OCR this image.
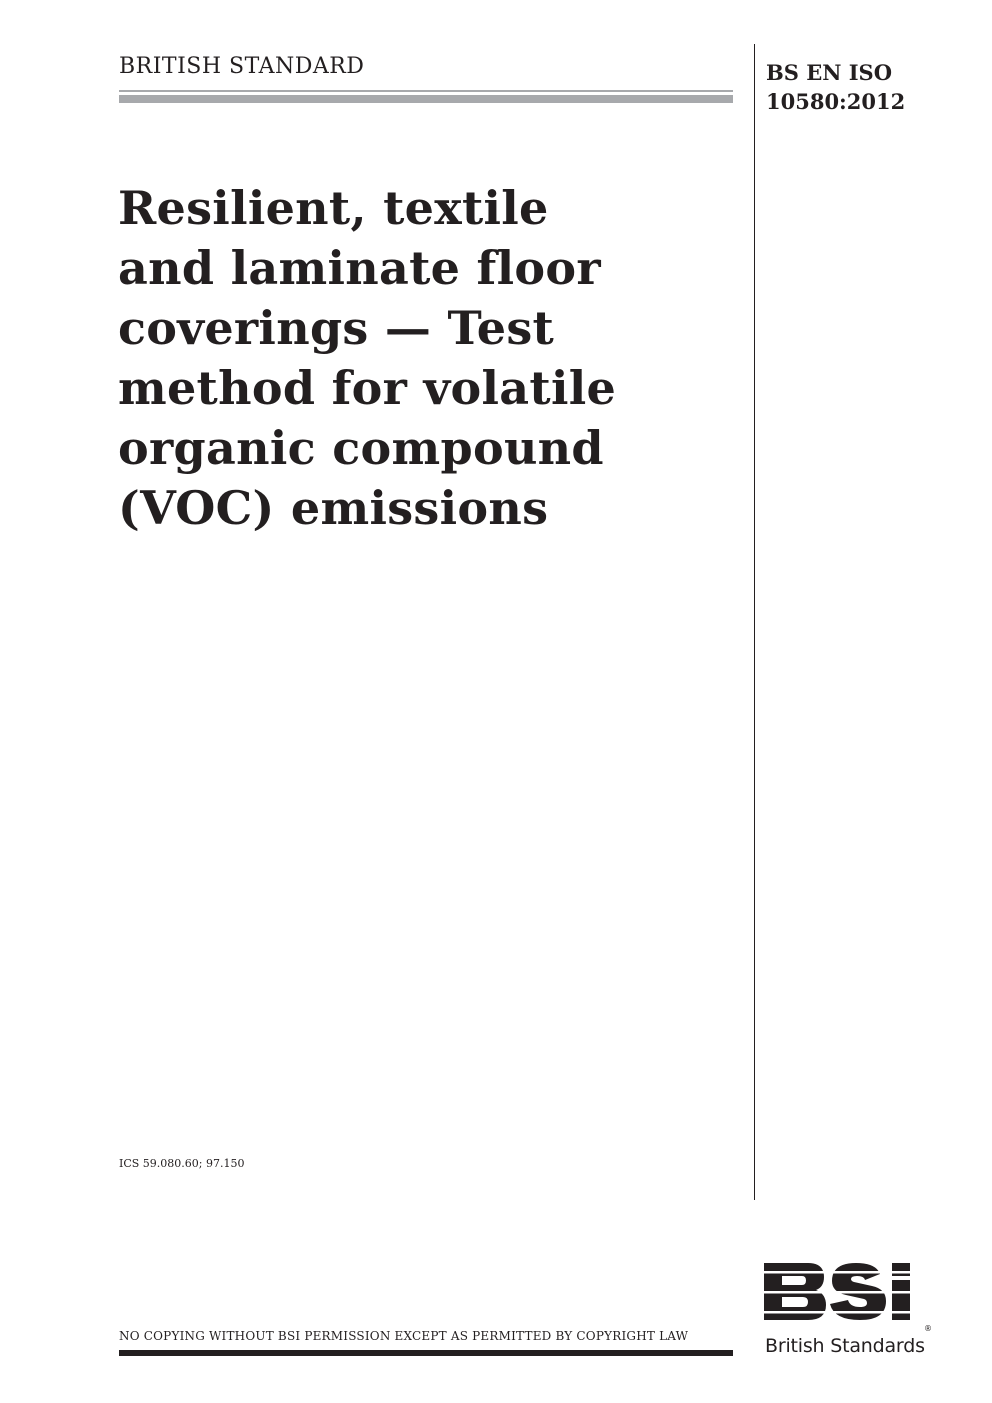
BRITISH STANDARD	BS EN ISO
10580:2012
Resilient, textile
and laminate floor
coverings — Test
method for volatile
organic compound
(VOC) emissions
ICS 59.080.60; 97.150
NO COPYING WITHOUT BSI PERMISSION EXCEPT AS PERMITTED BY COPYRIGHT LAW
®
British Standards
